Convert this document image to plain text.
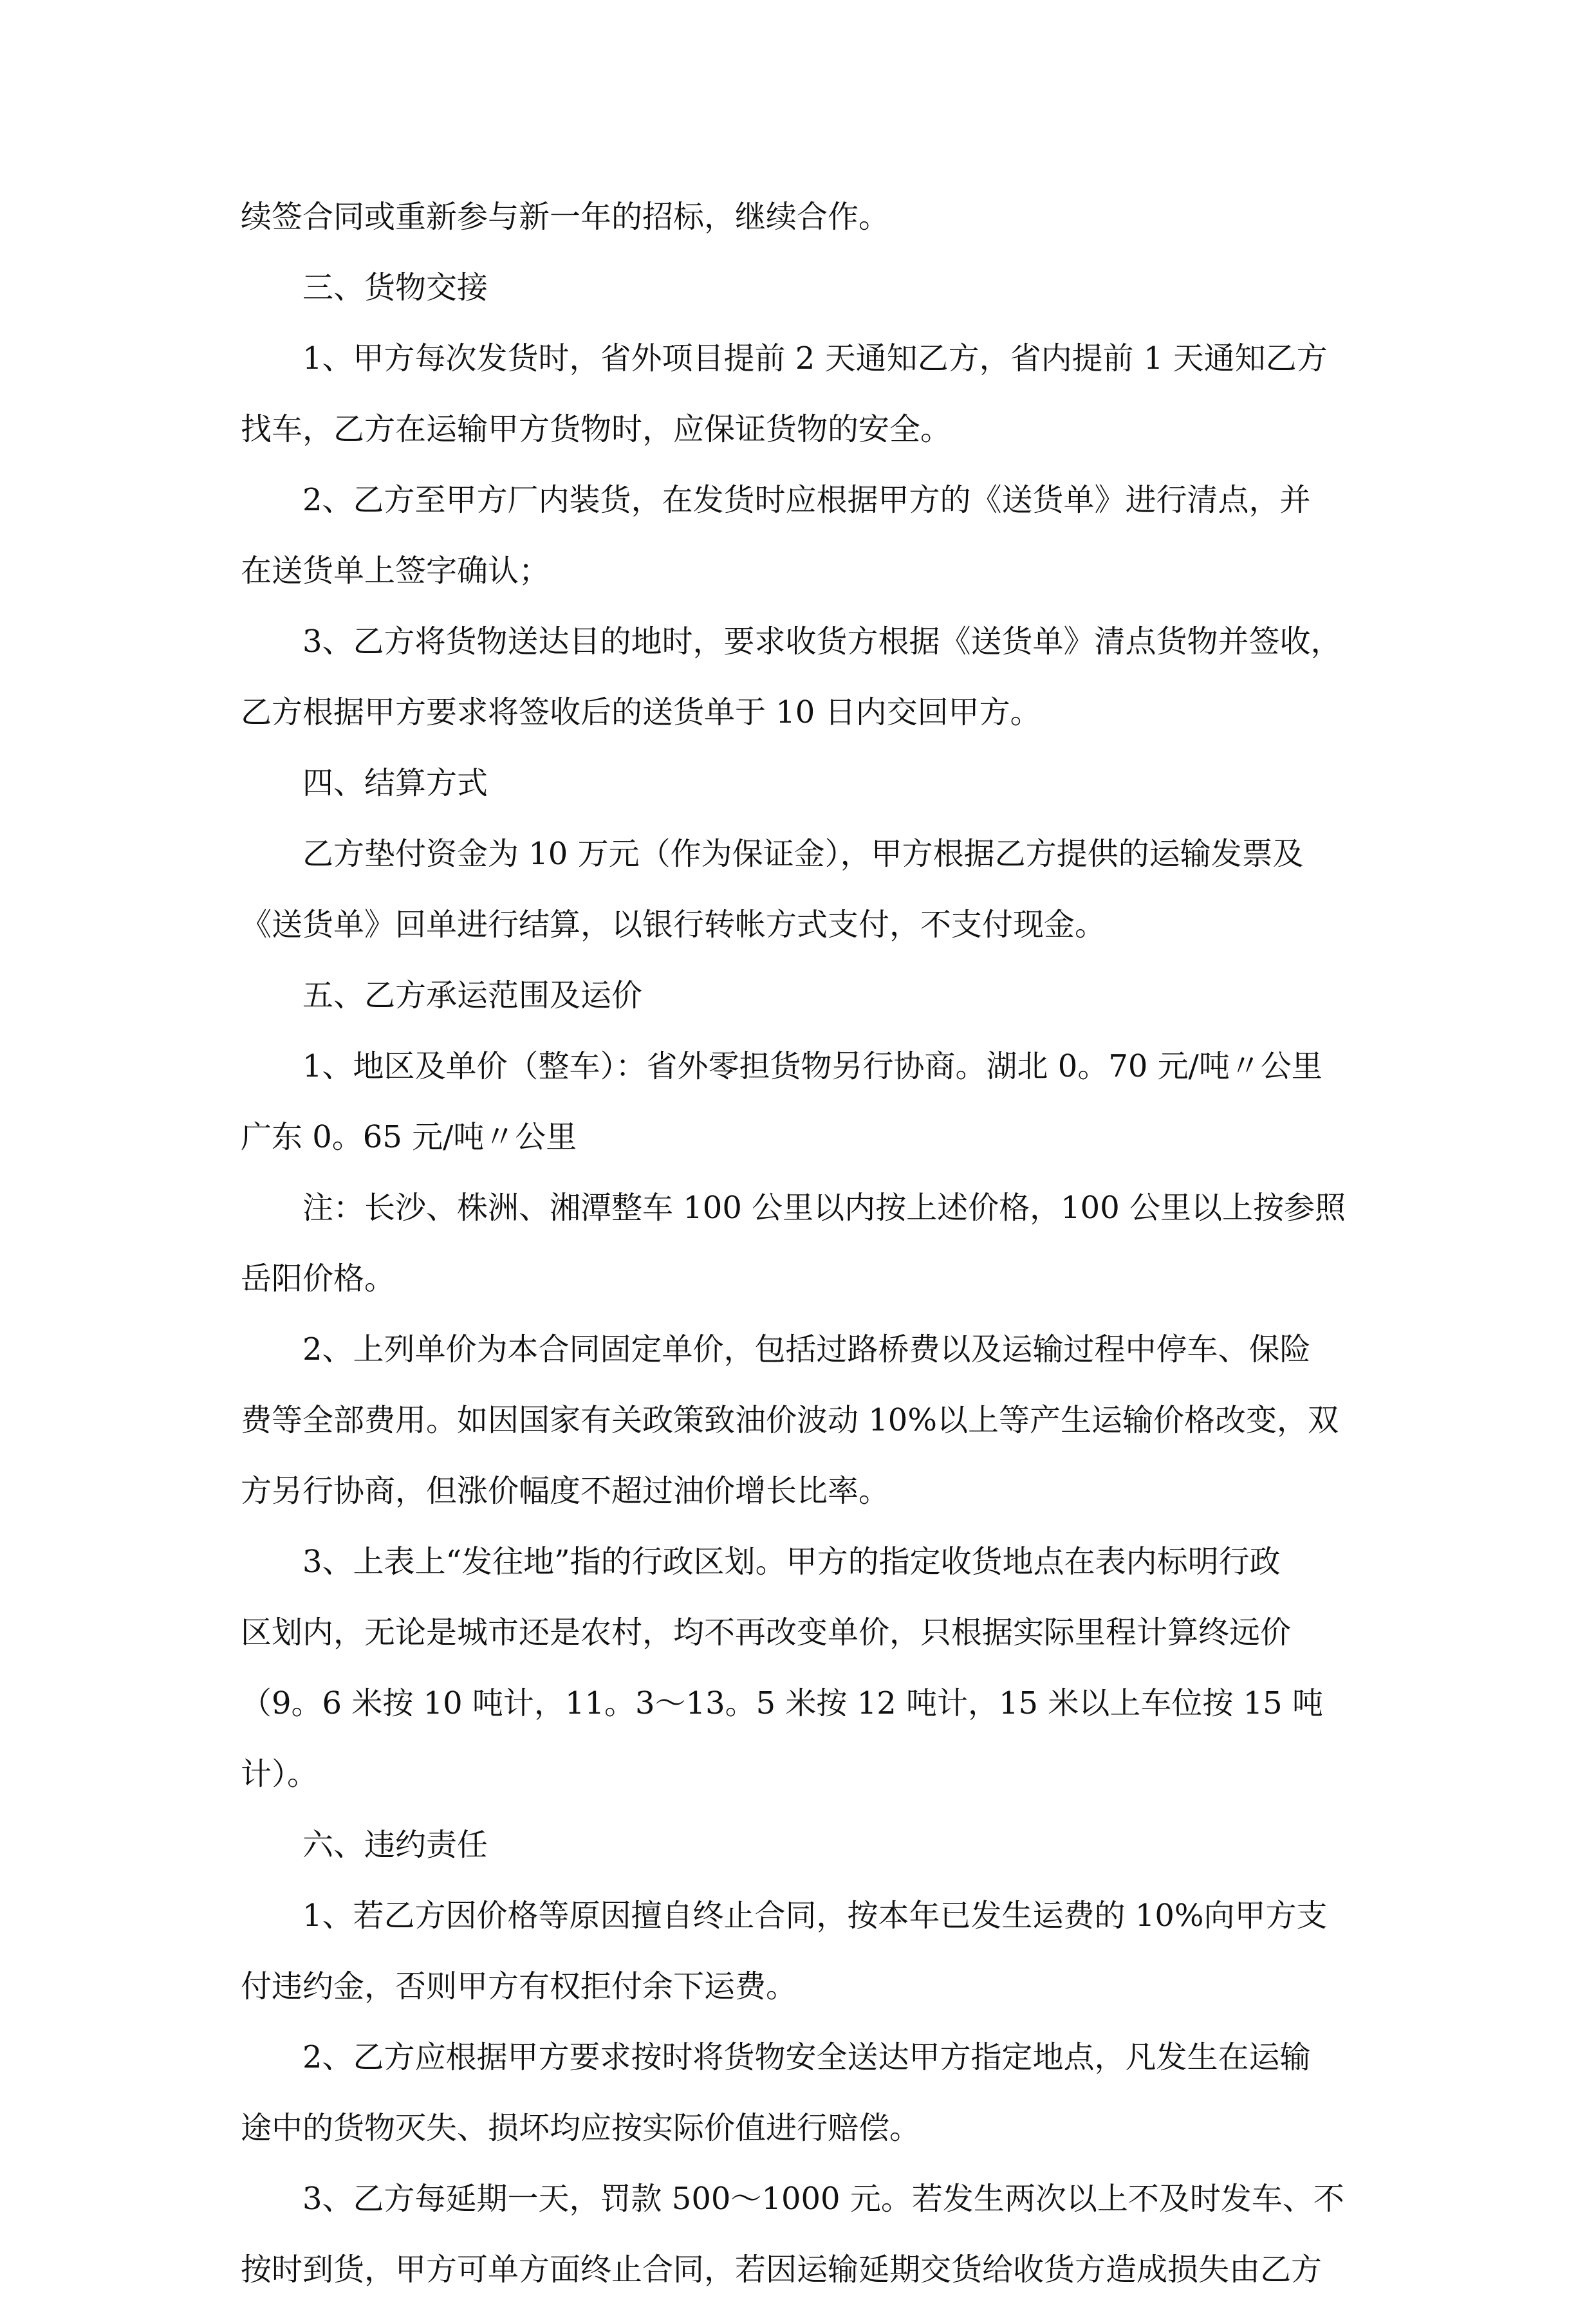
续签合同或重新参与新一年的招标，继续合作。

三、货物交接

1、甲方每次发货时，省外项目提前 2 天通知乙方，省内提前 1 天通知乙方

找车，乙方在运输甲方货物时，应保证货物的安全。

2、乙方至甲方厂内装货，在发货时应根据甲方的《送货单》进行清点，并

在送货单上签字确认；

3、乙方将货物送达目的地时，要求收货方根据《送货单》清点货物并签收，

乙方根据甲方要求将签收后的送货单于 10 日内交回甲方。

四、结算方式

乙方垫付资金为 10 万元（作为保证金），甲方根据乙方提供的运输发票及

《送货单》回单进行结算，以银行转帐方式支付，不支付现金。

五、乙方承运范围及运价

1、地区及单价（整车）：省外零担货物另行协商。湖北 0。70 元/吨〃公里

广东 0。65 元/吨〃公里

注：长沙、株洲、湘潭整车 100 公里以内按上述价格，100 公里以上按参照

岳阳价格。

2、上列单价为本合同固定单价，包括过路桥费以及运输过程中停车、保险

费等全部费用。如因国家有关政策致油价波动 10%以上等产生运输价格改变，双

方另行协商，但涨价幅度不超过油价增长比率。

3、上表上“发往地”指的行政区划。甲方的指定收货地点在表内标明行政

区划内，无论是城市还是农村，均不再改变单价，只根据实际里程计算终远价

（9。6 米按 10 吨计，11。3～13。5 米按 12 吨计，15 米以上车位按 15 吨计）。

六、违约责任

1、若乙方因价格等原因擅自终止合同，按本年已发生运费的 10%向甲方支

付违约金，否则甲方有权拒付余下运费。

2、乙方应根据甲方要求按时将货物安全送达甲方指定地点，凡发生在运输

途中的货物灭失、损坏均应按实际价值进行赔偿。

3、乙方每延期一天，罚款 500～1000 元。若发生两次以上不及时发车、不

按时到货，甲方可单方面终止合同，若因运输延期交货给收货方造成损失由乙方
